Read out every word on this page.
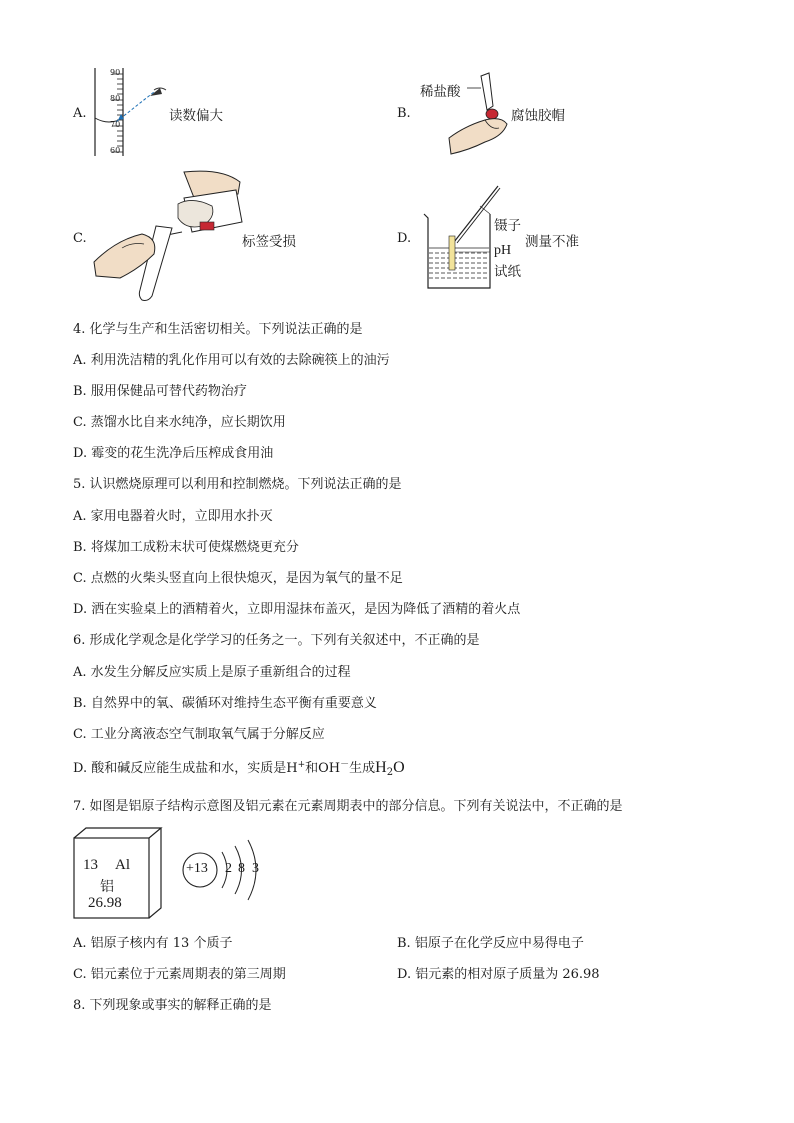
A.
90
80
70
60
读数偏大	B.
稀盐酸
腐蚀胶帽
C.	标签受损	D.
镊子
测量不准
pH
试纸
4. 化学与生产和生活密切相关。下列说法正确的是
A. 利用洗洁精的乳化作用可以有效的去除碗筷上的油污
B. 服用保健品可替代药物治疗
C. 蒸馏水比自来水纯净，应长期饮用
D. 霉变的花生洗净后压榨成食用油
5. 认识燃烧原理可以利用和控制燃烧。下列说法正确的是
A. 家用电器着火时，立即用水扑灭
B. 将煤加工成粉末状可使煤燃烧更充分
C. 点燃的火柴头竖直向上很快熄灭，是因为氧气的量不足
D. 洒在实验桌上的酒精着火，立即用湿抹布盖灭，是因为降低了酒精的着火点
6. 形成化学观念是化学学习的任务之一。下列有关叙述中，不正确的是
A. 水发生分解反应实质上是原子重新组合的过程
B. 自然界中的氧、碳循环对维持生态平衡有重要意义
C. 工业分离液态空气制取氧气属于分解反应
D. 酸和碱反应能生成盐和水，实质是H+和OH－生成$H_2O$
7. 如图是铝原子结构示意图及铝元素在元素周期表中的部分信息。下列有关说法中，不正确的是
13 Al
铝
26.98
+13 2 8 3
A. 铝原子核内有 13 个质子	B. 铝原子在化学反应中易得电子
C. 铝元素位于元素周期表的第三周期	D. 铝元素的相对原子质量为 26.98
8. 下列现象或事实的解释正确的是
